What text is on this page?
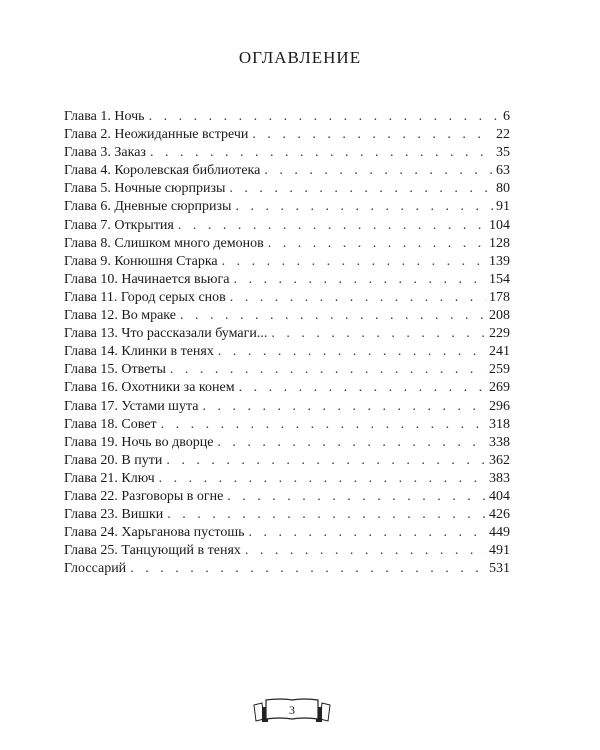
ОГЛАВЛЕНИЕ
Глава 1. Ночь . . .	6
Глава 2. Неожиданные встречи . . .	22
Глава 3. Заказ . . .	35
Глава 4. Королевская библиотека . . .	63
Глава 5. Ночные сюрпризы . . .	80
Глава 6. Дневные сюрпризы . . .	91
Глава 7. Открытия . . .	104
Глава 8. Слишком много демонов . . .	128
Глава 9. Конюшня Старка . . .	139
Глава 10. Начинается вьюга . . .	154
Глава 11. Город серых снов . . .	178
Глава 12. Во мраке . . .	208
Глава 13. Что рассказали бумаги... . . .	229
Глава 14. Клинки в тенях . . .	241
Глава 15. Ответы . . .	259
Глава 16. Охотники за конем . . .	269
Глава 17. Устами шута . . .	296
Глава 18. Совет . . .	318
Глава 19. Ночь во дворце . . .	338
Глава 20. В пути . . .	362
Глава 21. Ключ . . .	383
Глава 22. Разговоры в огне . . .	404
Глава 23. Вишки . . .	426
Глава 24. Харьганова пустошь . . .	449
Глава 25. Танцующий в тенях . . .	491
Глоссарий . . .	531
3
